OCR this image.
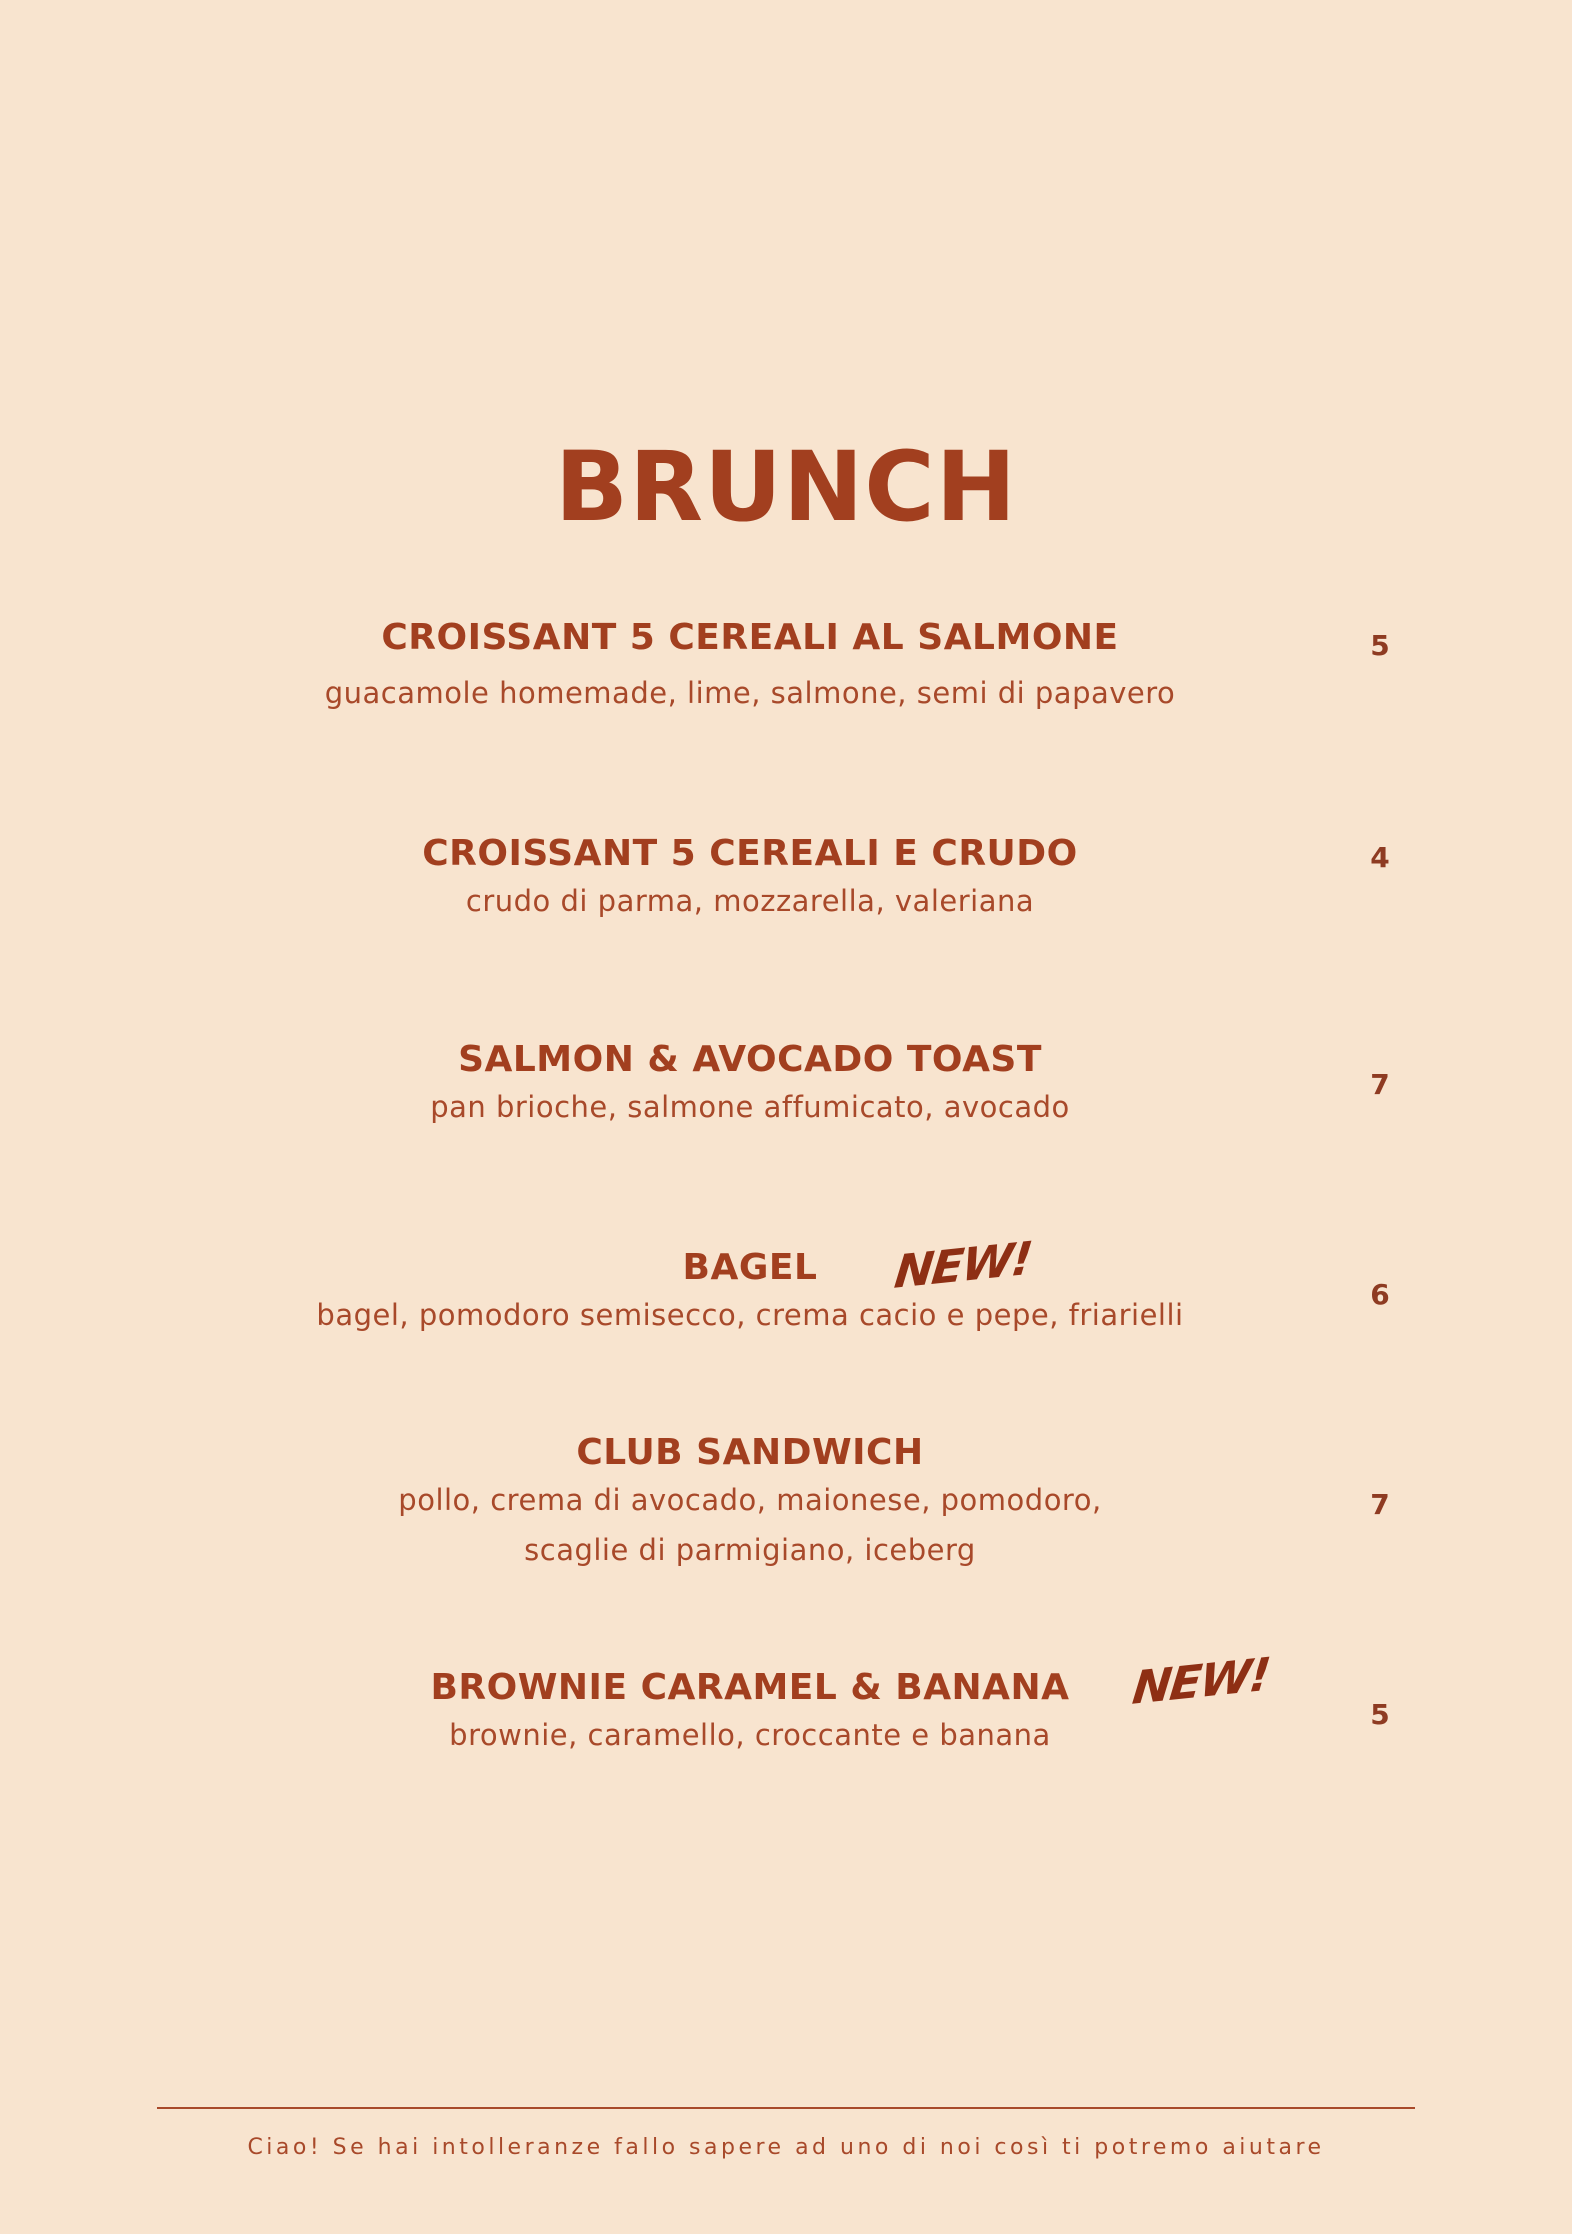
BRUNCH
CROISSANT 5 CEREALI AL SALMONE
guacamole homemade, lime, salmone, semi di papavero
5
CROISSANT 5 CEREALI E CRUDO
crudo di parma, mozzarella, valeriana
4
SALMON & AVOCADO TOAST
pan brioche, salmone affumicato, avocado
7
BAGEL
bagel, pomodoro semisecco, crema cacio e pepe, friarielli
NEW!	6
CLUB SANDWICH
pollo, crema di avocado, maionese, pomodoro,
scaglie di parmigiano, iceberg
7
BROWNIE CARAMEL & BANANA
brownie, caramello, croccante e banana
NEW!	5
Ciao! Se hai intolleranze fallo sapere ad uno di noi così ti potremo aiutare
